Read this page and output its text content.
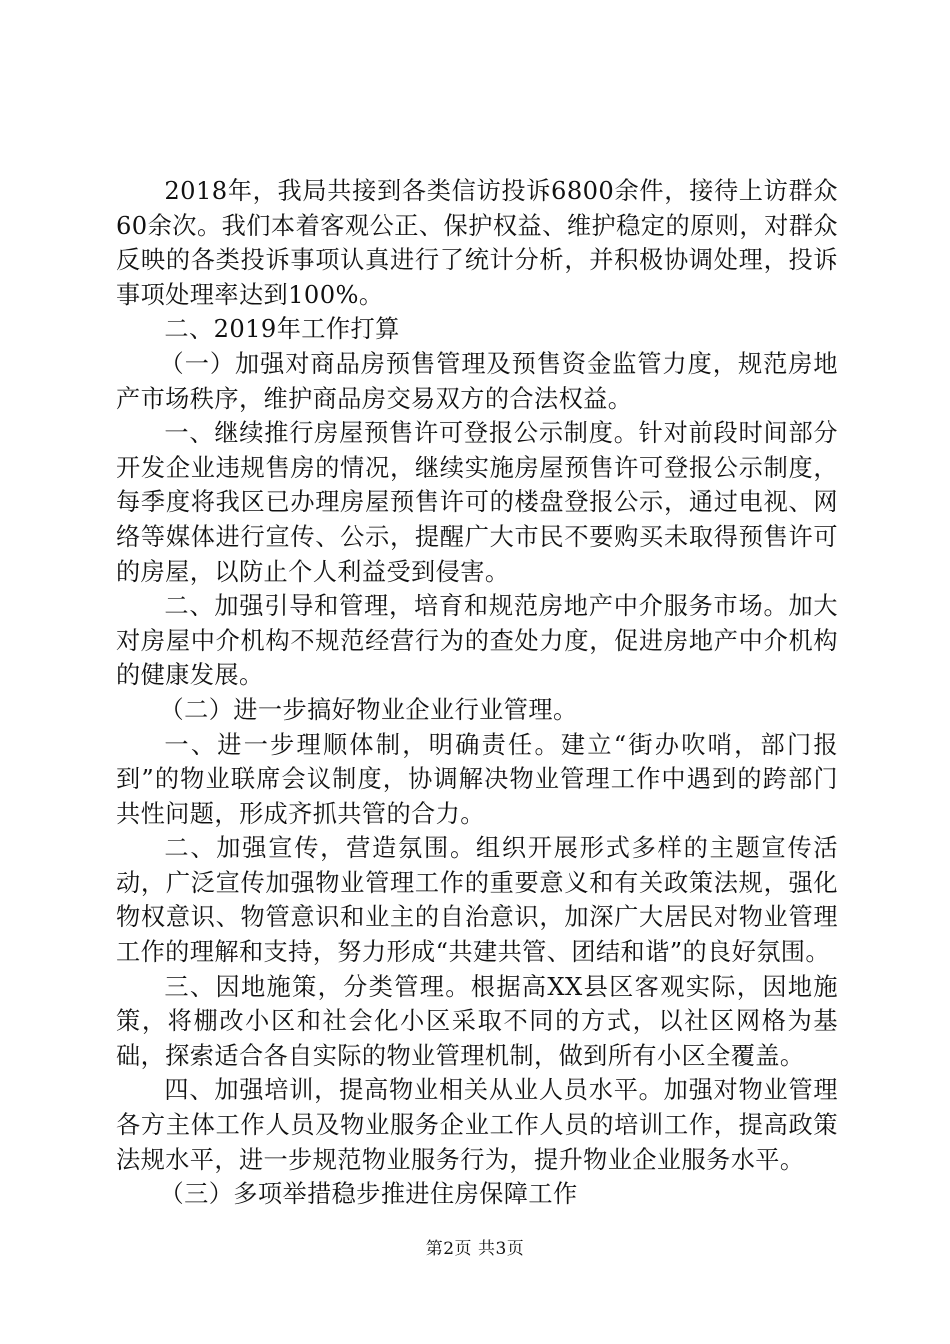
2018年，我局共接到各类信访投诉6800余件，接待上访群众60余次。我们本着客观公正、保护权益、维护稳定的原则，对群众反映的各类投诉事项认真进行了统计分析，并积极协调处理，投诉事项处理率达到100%。

二、2019年工作打算

（一）加强对商品房预售管理及预售资金监管力度，规范房地产市场秩序，维护商品房交易双方的合法权益。

一、继续推行房屋预售许可登报公示制度。针对前段时间部分开发企业违规售房的情况，继续实施房屋预售许可登报公示制度，每季度将我区已办理房屋预售许可的楼盘登报公示，通过电视、网络等媒体进行宣传、公示，提醒广大市民不要购买未取得预售许可的房屋，以防止个人利益受到侵害。

二、加强引导和管理，培育和规范房地产中介服务市场。加大对房屋中介机构不规范经营行为的查处力度，促进房地产中介机构的健康发展。

（二）进一步搞好物业企业行业管理。

一、进一步理顺体制，明确责任。建立“街办吹哨，部门报到”的物业联席会议制度，协调解决物业管理工作中遇到的跨部门共性问题，形成齐抓共管的合力。

二、加强宣传，营造氛围。组织开展形式多样的主题宣传活动，广泛宣传加强物业管理工作的重要意义和有关政策法规，强化物权意识、物管意识和业主的自治意识，加深广大居民对物业管理工作的理解和支持，努力形成“共建共管、团结和谐”的良好氛围。

三、因地施策，分类管理。根据高XX县区客观实际，因地施策，将棚改小区和社会化小区采取不同的方式，以社区网格为基础，探索适合各自实际的物业管理机制，做到所有小区全覆盖。

四、加强培训，提高物业相关从业人员水平。加强对物业管理各方主体工作人员及物业服务企业工作人员的培训工作，提高政策法规水平，进一步规范物业服务行为，提升物业企业服务水平。

（三）多项举措稳步推进住房保障工作

第2页 共3页
